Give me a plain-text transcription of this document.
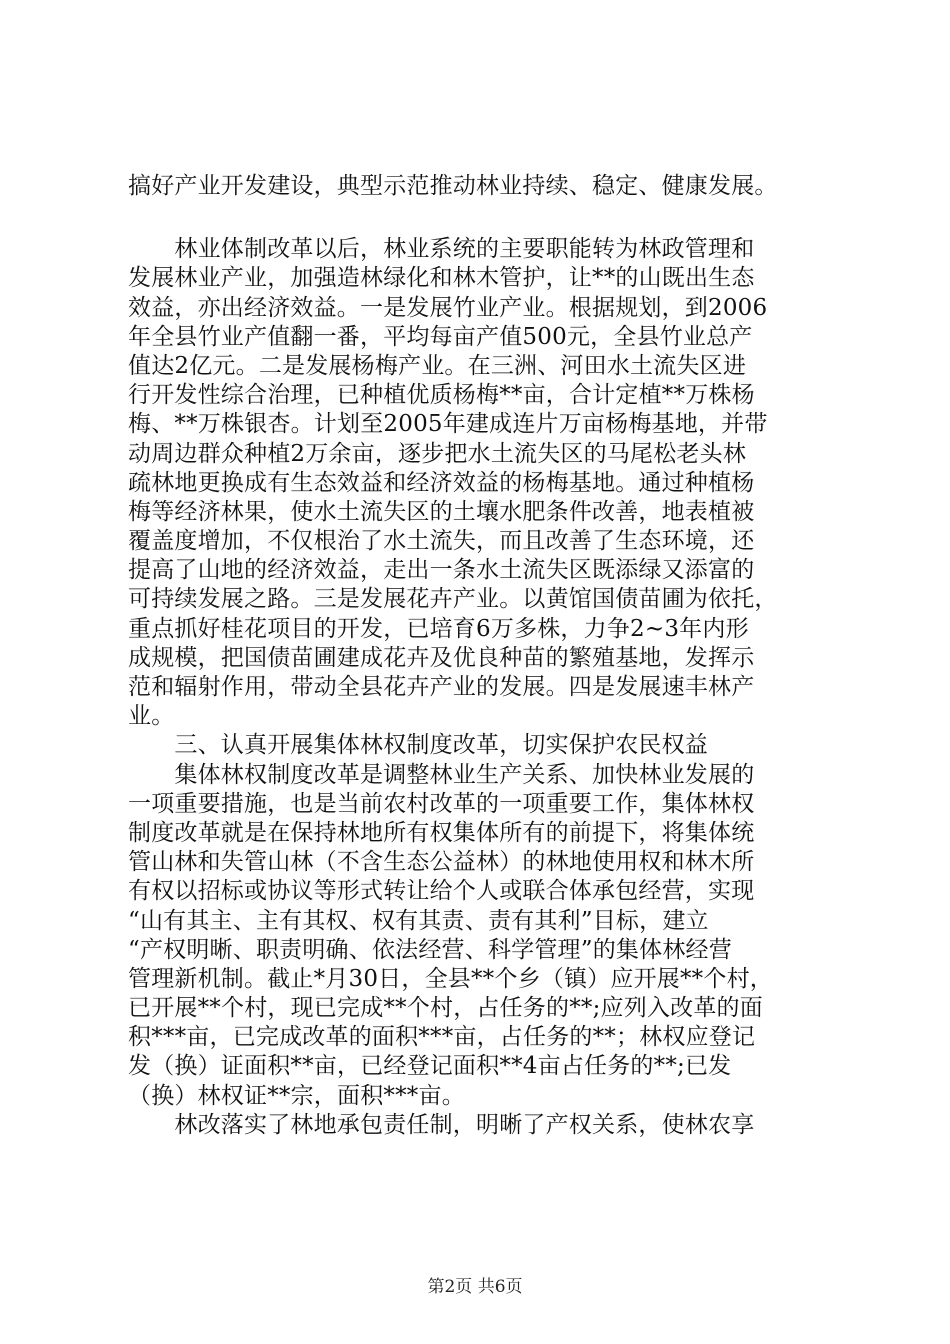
搞好产业开发建设，典型示范推动林业持续、稳定、健康发展。
　　林业体制改革以后，林业系统的主要职能转为林政管理和
发展林业产业，加强造林绿化和林木管护，让**的山既出生态
效益，亦出经济效益。一是发展竹业产业。根据规划，到2006
年全县竹业产值翻一番，平均每亩产值500元，全县竹业总产
值达2亿元。二是发展杨梅产业。在三洲、河田水土流失区进
行开发性综合治理，已种植优质杨梅**亩，合计定植**万株杨
梅、**万株银杏。计划至2005年建成连片万亩杨梅基地，并带
动周边群众种植2万余亩，逐步把水土流失区的马尾松老头林
疏林地更换成有生态效益和经济效益的杨梅基地。通过种植杨
梅等经济林果，使水土流失区的土壤水肥条件改善，地表植被
覆盖度增加，不仅根治了水土流失，而且改善了生态环境，还
提高了山地的经济效益，走出一条水土流失区既添绿又添富的
可持续发展之路。三是发展花卉产业。以黄馆国债苗圃为依托，
重点抓好桂花项目的开发，已培育6万多株，力争2~3年内形
成规模，把国债苗圃建成花卉及优良种苗的繁殖基地，发挥示
范和辐射作用，带动全县花卉产业的发展。四是发展速丰林产
业。
　　三、认真开展集体林权制度改革，切实保护农民权益
　　集体林权制度改革是调整林业生产关系、加快林业发展的
一项重要措施，也是当前农村改革的一项重要工作，集体林权
制度改革就是在保持林地所有权集体所有的前提下，将集体统
管山林和失管山林（不含生态公益林）的林地使用权和林木所
有权以招标或协议等形式转让给个人或联合体承包经营，实现
“山有其主、主有其权、权有其责、责有其利”目标，建立
“产权明晰、职责明确、依法经营、科学管理”的集体林经营
管理新机制。截止*月30日，全县**个乡（镇）应开展**个村，
已开展**个村，现已完成**个村，占任务的**;应列入改革的面
积***亩，已完成改革的面积***亩，占任务的**；林权应登记
发（换）证面积**亩，已经登记面积**4亩占任务的**;已发
（换）林权证**宗，面积***亩。
　　林改落实了林地承包责任制，明晰了产权关系，使林农享
第2页 共6页
